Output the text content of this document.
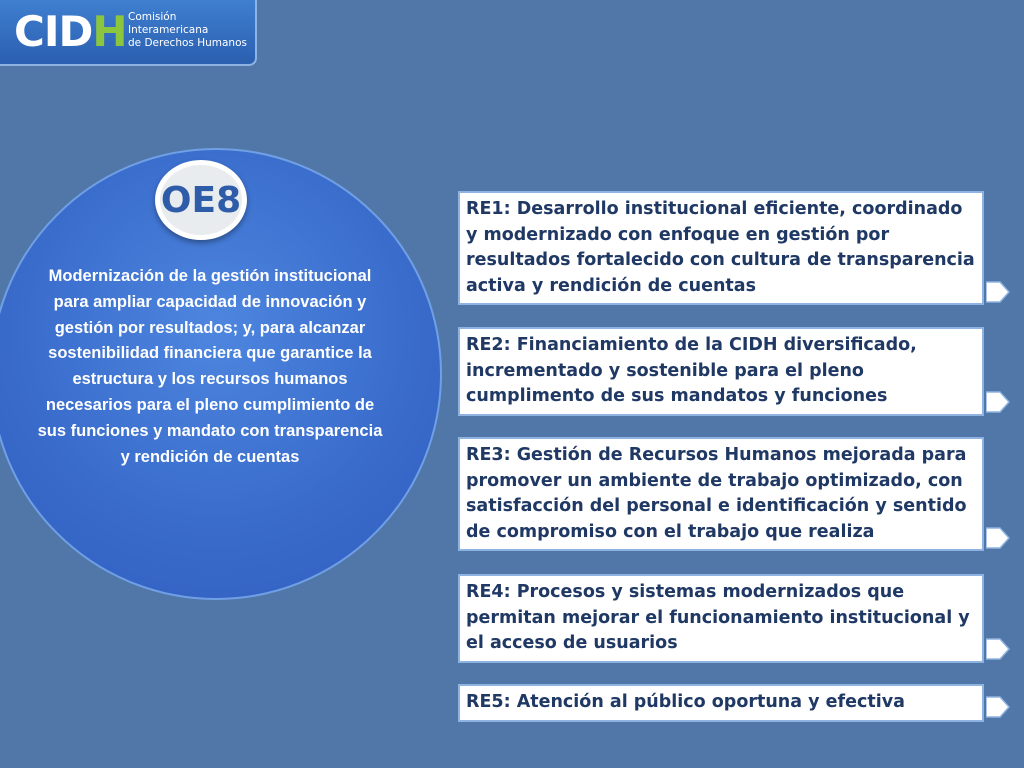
CIDH Comisión
Interamericana
de Derechos Humanos
OE8
Modernización de la gestión institucional para ampliar capacidad de innovación y gestión por resultados; y, para alcanzar sostenibilidad financiera que garantice la estructura y los recursos humanos necesarios para el pleno cumplimiento de sus funciones y mandato con transparencia y rendición de cuentas
RE1: Desarrollo institucional eficiente, coordinado y modernizado con enfoque en gestión por resultados fortalecido con cultura de transparencia activa y rendición de cuentas
RE2: Financiamiento de la CIDH diversificado, incrementado y sostenible para el pleno cumplimento de sus mandatos y funciones
RE3: Gestión de Recursos Humanos mejorada para promover un ambiente de trabajo optimizado, con satisfacción del personal e identificación y sentido de compromiso con el trabajo que realiza
RE4: Procesos y sistemas modernizados que permitan mejorar el funcionamiento institucional y el acceso de usuarios
RE5: Atención al público oportuna y efectiva
